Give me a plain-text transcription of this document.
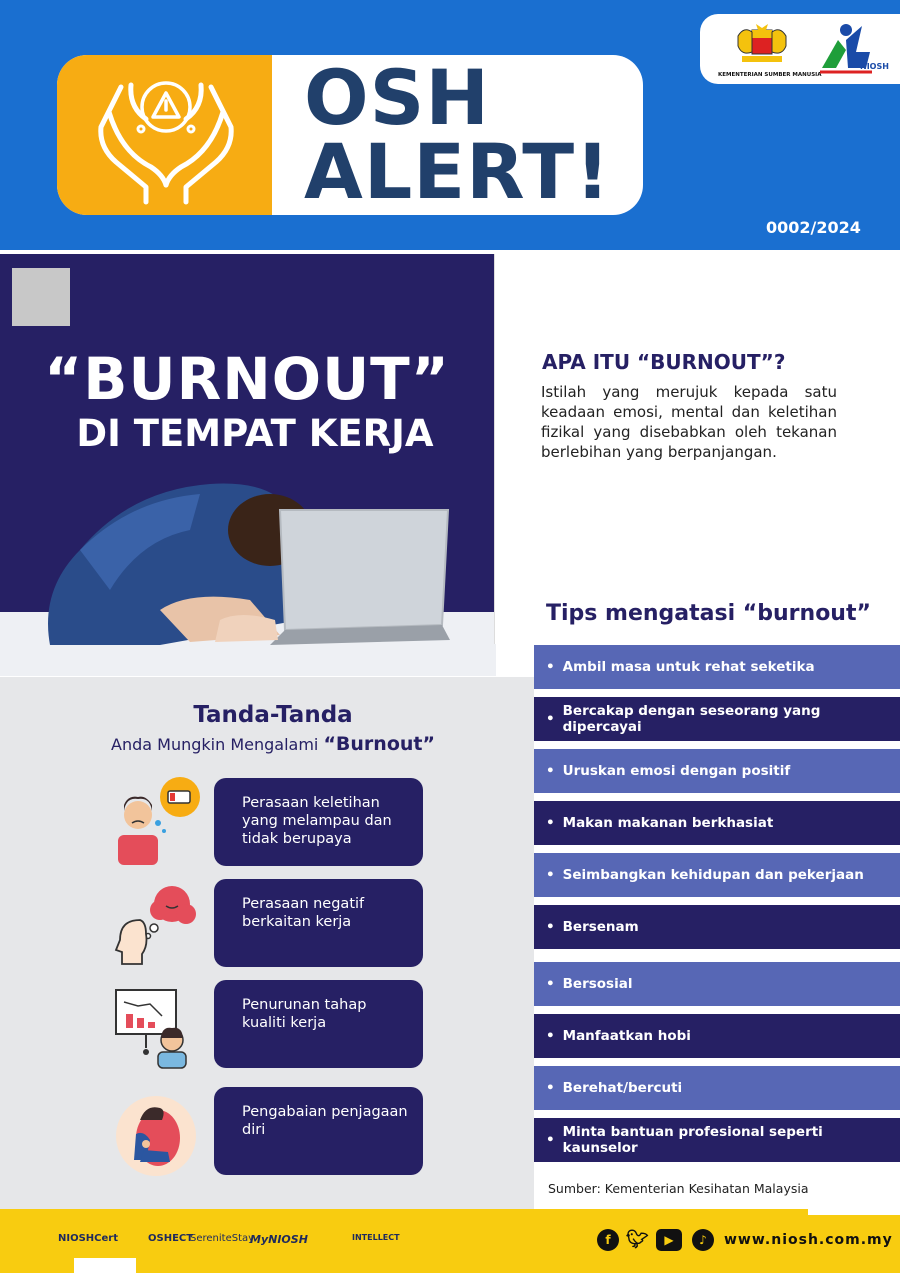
OSH
ALERT!
KEMENTERIAN SUMBER MANUSIA
NIOSH
0002/2024
“BURNOUT”
DI TEMPAT KERJA
APA ITU “BURNOUT”?
Istilah yang merujuk kepada satu keadaan emosi, mental dan keletihan fizikal yang disebabkan oleh tekanan berlebihan yang berpanjangan.
Tips mengatasi “burnout”
• Ambil masa untuk rehat seketika
• Bercakap dengan seseorang yang dipercayai
• Uruskan emosi dengan positif
• Makan makanan berkhasiat
• Seimbangkan kehidupan dan pekerjaan
• Bersenam
• Bersosial
• Manfaatkan hobi
• Berehat/bercuti
• Minta bantuan profesional seperti kaunselor
Sumber: Kementerian Kesihatan Malaysia
Tanda-Tanda
Anda Mungkin Mengalami “Burnout”
Perasaan keletihan yang melampau dan tidak berupaya
Perasaan negatif berkaitan kerja
Penurunan tahap kualiti kerja
Pengabaian penjagaan diri
NIOSHCert	OSHECT
SereniteStay
MyNIOSH	INTELLECT	f 🐦︎	▶	♪	www.niosh.com.my
